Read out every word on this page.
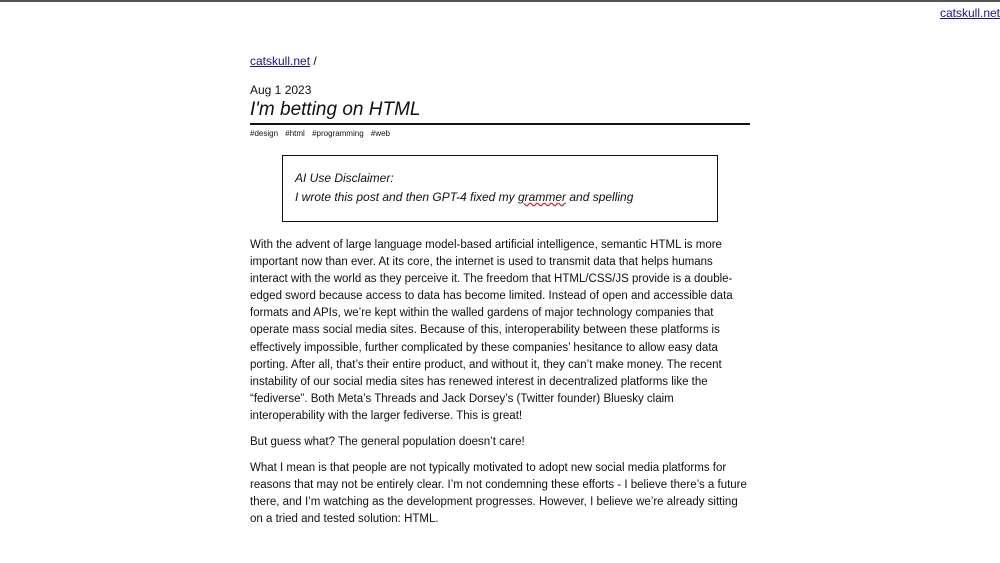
catskull.net

catskull.net /

Aug 1 2023
I'm betting on HTML
#design #html #programming #web
AI Use Disclaimer:
I wrote this post and then GPT-4 fixed my grammer and spelling

With the advent of large language model-based artificial intelligence, semantic HTML is more important now than ever. At its core, the internet is used to transmit data that helps humans interact with the world as they perceive it. The freedom that HTML/CSS/JS provide is a double-edged sword because access to data has become limited. Instead of open and accessible data formats and APIs, we’re kept within the walled gardens of major technology companies that operate mass social media sites. Because of this, interoperability between these platforms is effectively impossible, further complicated by these companies’ hesitance to allow easy data porting. After all, that’s their entire product, and without it, they can’t make money. The recent instability of our social media sites has renewed interest in decentralized platforms like the “fediverse”. Both Meta’s Threads and Jack Dorsey’s (Twitter founder) Bluesky claim interoperability with the larger fediverse. This is great!

But guess what? The general population doesn’t care!

What I mean is that people are not typically motivated to adopt new social media platforms for reasons that may not be entirely clear. I’m not condemning these efforts - I believe there’s a future there, and I’m watching as the development progresses. However, I believe we’re already sitting on a tried and tested solution: HTML.
